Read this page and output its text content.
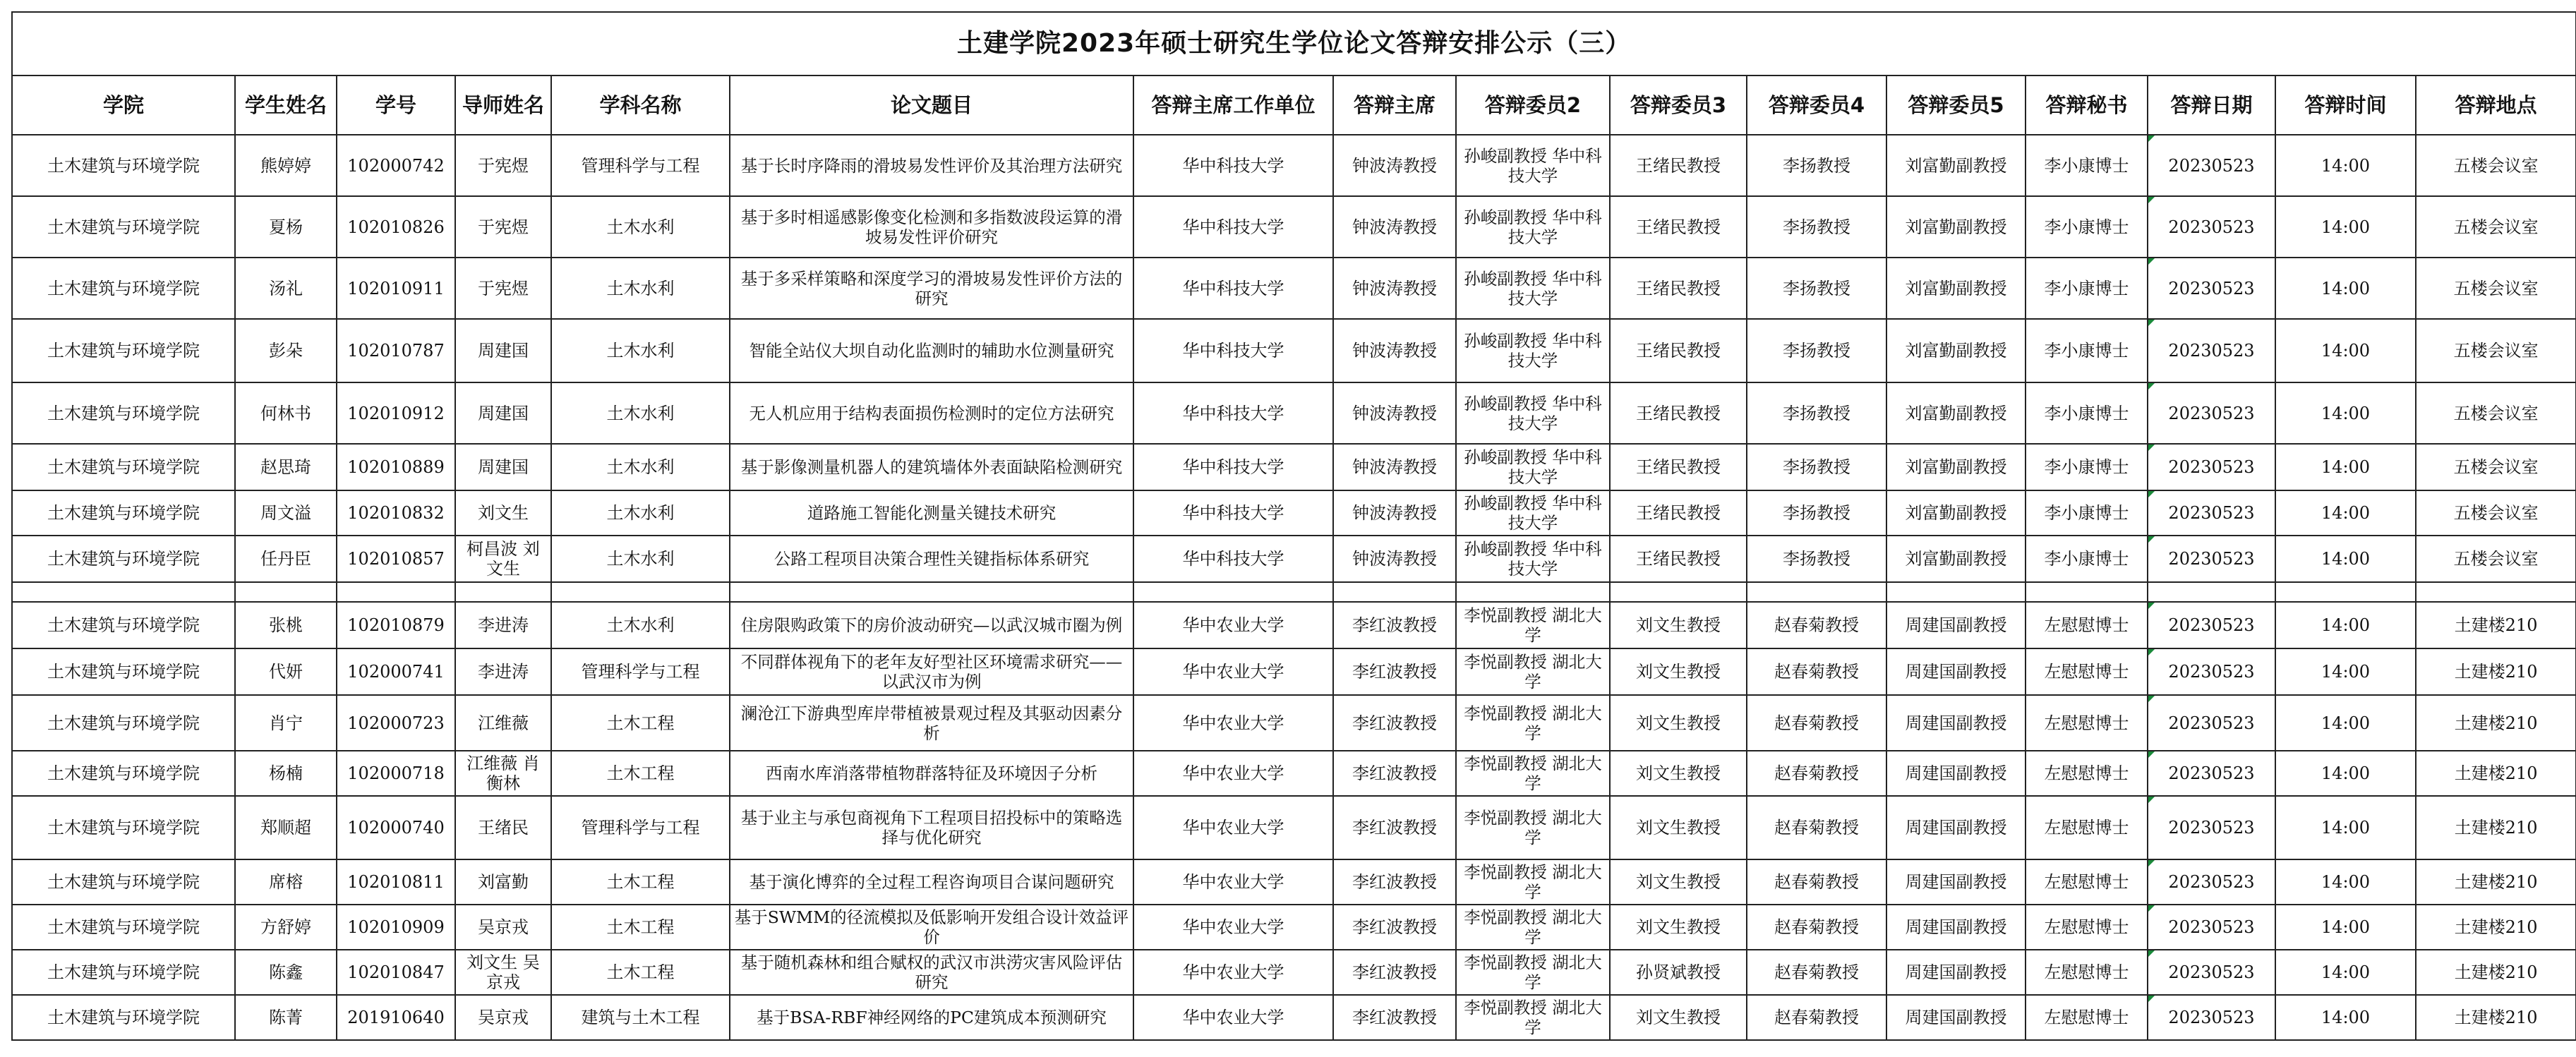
土建学院2023年硕士研究生学位论文答辩安排公示（三）															
学院	学生姓名	学号	导师姓名	学科名称	论文题目	答辩主席工作单位	答辩主席	答辩委员2	答辩委员3	答辩委员4	答辩委员5	答辩秘书	答辩日期	答辩时间	答辩地点
土木建筑与环境学院	熊婷婷	102000742	于宪煜	管理科学与工程	基于长时序降雨的滑坡易发性评价及其治理方法研究	华中科技大学	钟波涛教授	孙峻副教授 华中科技大学	王绪民教授	李扬教授	刘富勤副教授	李小康博士	20230523	14:00	五楼会议室
土木建筑与环境学院	夏杨	102010826	于宪煜	土木水利	基于多时相遥感影像变化检测和多指数波段运算的滑坡易发性评价研究	华中科技大学	钟波涛教授	孙峻副教授 华中科技大学	王绪民教授	李扬教授	刘富勤副教授	李小康博士	20230523	14:00	五楼会议室
土木建筑与环境学院	汤礼	102010911	于宪煜	土木水利	基于多采样策略和深度学习的滑坡易发性评价方法的研究	华中科技大学	钟波涛教授	孙峻副教授 华中科技大学	王绪民教授	李扬教授	刘富勤副教授	李小康博士	20230523	14:00	五楼会议室
土木建筑与环境学院	彭朵	102010787	周建国	土木水利	智能全站仪大坝自动化监测时的辅助水位测量研究	华中科技大学	钟波涛教授	孙峻副教授 华中科技大学	王绪民教授	李扬教授	刘富勤副教授	李小康博士	20230523	14:00	五楼会议室
土木建筑与环境学院	何林书	102010912	周建国	土木水利	无人机应用于结构表面损伤检测时的定位方法研究	华中科技大学	钟波涛教授	孙峻副教授 华中科技大学	王绪民教授	李扬教授	刘富勤副教授	李小康博士	20230523	14:00	五楼会议室
土木建筑与环境学院	赵思琦	102010889	周建国	土木水利	基于影像测量机器人的建筑墙体外表面缺陷检测研究	华中科技大学	钟波涛教授	孙峻副教授 华中科技大学	王绪民教授	李扬教授	刘富勤副教授	李小康博士	20230523	14:00	五楼会议室
土木建筑与环境学院	周文溢	102010832	刘文生	土木水利	道路施工智能化测量关键技术研究	华中科技大学	钟波涛教授	孙峻副教授 华中科技大学	王绪民教授	李扬教授	刘富勤副教授	李小康博士	20230523	14:00	五楼会议室
土木建筑与环境学院	任丹臣	102010857	柯昌波 刘文生	土木水利	公路工程项目决策合理性关键指标体系研究	华中科技大学	钟波涛教授	孙峻副教授 华中科技大学	王绪民教授	李扬教授	刘富勤副教授	李小康博士	20230523	14:00	五楼会议室

土木建筑与环境学院	张桃	102010879	李进涛	土木水利	住房限购政策下的房价波动研究—以武汉城市圈为例	华中农业大学	李红波教授	李悦副教授 湖北大学	刘文生教授	赵春菊教授	周建国副教授	左慰慰博士	20230523	14:00	土建楼210
土木建筑与环境学院	代妍	102000741	李进涛	管理科学与工程	不同群体视角下的老年友好型社区环境需求研究——以武汉市为例	华中农业大学	李红波教授	李悦副教授 湖北大学	刘文生教授	赵春菊教授	周建国副教授	左慰慰博士	20230523	14:00	土建楼210
土木建筑与环境学院	肖宁	102000723	江维薇	土木工程	澜沧江下游典型库岸带植被景观过程及其驱动因素分析	华中农业大学	李红波教授	李悦副教授 湖北大学	刘文生教授	赵春菊教授	周建国副教授	左慰慰博士	20230523	14:00	土建楼210
土木建筑与环境学院	杨楠	102000718	江维薇 肖衡林	土木工程	西南水库消落带植物群落特征及环境因子分析	华中农业大学	李红波教授	李悦副教授 湖北大学	刘文生教授	赵春菊教授	周建国副教授	左慰慰博士	20230523	14:00	土建楼210
土木建筑与环境学院	郑顺超	102000740	王绪民	管理科学与工程	基于业主与承包商视角下工程项目招投标中的策略选择与优化研究	华中农业大学	李红波教授	李悦副教授 湖北大学	刘文生教授	赵春菊教授	周建国副教授	左慰慰博士	20230523	14:00	土建楼210
土木建筑与环境学院	席榕	102010811	刘富勤	土木工程	基于演化博弈的全过程工程咨询项目合谋问题研究	华中农业大学	李红波教授	李悦副教授 湖北大学	刘文生教授	赵春菊教授	周建国副教授	左慰慰博士	20230523	14:00	土建楼210
土木建筑与环境学院	方舒婷	102010909	吴京戎	土木工程	基于SWMM的径流模拟及低影响开发组合设计效益评价	华中农业大学	李红波教授	李悦副教授 湖北大学	刘文生教授	赵春菊教授	周建国副教授	左慰慰博士	20230523	14:00	土建楼210
土木建筑与环境学院	陈鑫	102010847	刘文生 吴京戎	土木工程	基于随机森林和组合赋权的武汉市洪涝灾害风险评估研究	华中农业大学	李红波教授	李悦副教授 湖北大学	孙贤斌教授	赵春菊教授	周建国副教授	左慰慰博士	20230523	14:00	土建楼210
土木建筑与环境学院	陈菁	201910640	吴京戎	建筑与土木工程	基于BSA-RBF神经网络的PC建筑成本预测研究	华中农业大学	李红波教授	李悦副教授 湖北大学	刘文生教授	赵春菊教授	周建国副教授	左慰慰博士	20230523	14:00	土建楼210
